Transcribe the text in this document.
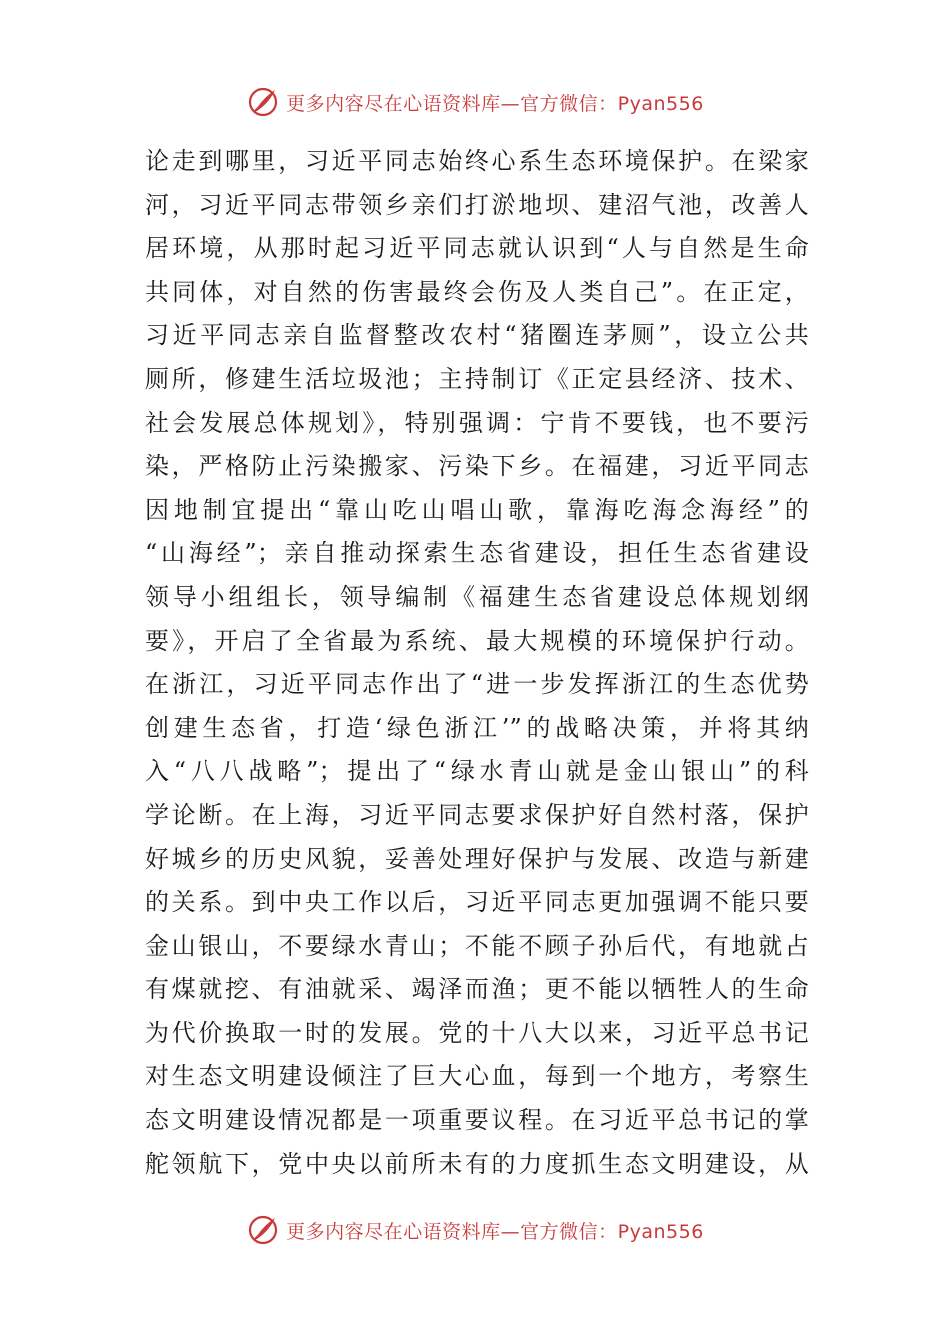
更多内容尽在心语资料库—官方微信：Pyan556
论走到哪里，习近平同志始终心系生态环境保护。在梁家
河，习近平同志带领乡亲们打淤地坝、建沼气池，改善人
居环境，从那时起习近平同志就认识到“人与自然是生命
共同体，对自然的伤害最终会伤及人类自己”。在正定，
习近平同志亲自监督整改农村“猪圈连茅厕”，设立公共
厕所，修建生活垃圾池；主持制订《正定县经济、技术、
社会发展总体规划》，特别强调：宁肯不要钱，也不要污
染，严格防止污染搬家、污染下乡。在福建，习近平同志
因地制宜提出“靠山吃山唱山歌，靠海吃海念海经”的
“山海经”；亲自推动探索生态省建设，担任生态省建设
领导小组组长，领导编制《福建生态省建设总体规划纲
要》，开启了全省最为系统、最大规模的环境保护行动。
在浙江，习近平同志作出了“进一步发挥浙江的生态优势
创建生态省，打造‘绿色浙江’”的战略决策，并将其纳
入“八八战略”；提出了“绿水青山就是金山银山”的科
学论断。在上海，习近平同志要求保护好自然村落，保护
好城乡的历史风貌，妥善处理好保护与发展、改造与新建
的关系。到中央工作以后，习近平同志更加强调不能只要
金山银山，不要绿水青山；不能不顾子孙后代，有地就占
有煤就挖、有油就采、竭泽而渔；更不能以牺牲人的生命
为代价换取一时的发展。党的十八大以来，习近平总书记
对生态文明建设倾注了巨大心血，每到一个地方，考察生
态文明建设情况都是一项重要议程。在习近平总书记的掌
舵领航下，党中央以前所未有的力度抓生态文明建设，从
更多内容尽在心语资料库—官方微信：Pyan556
